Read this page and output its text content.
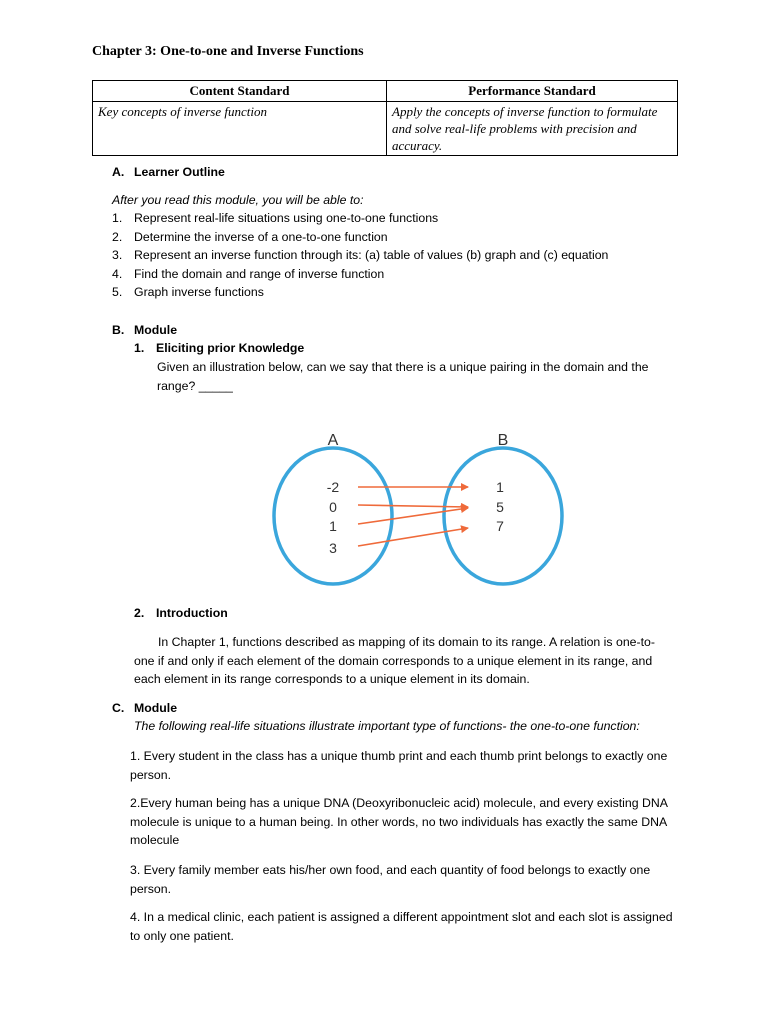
Chapter 3: One-to-one and Inverse Functions
Content Standard	Performance Standard
Key concepts of inverse function	Apply the concepts of inverse function to formulate and solve real-life problems with precision and accuracy.
A. Learner Outline
After you read this module, you will be able to:
1. Represent real-life situations using one-to-one functions
2. Determine the inverse of a one-to-one function
3. Represent an inverse function through its: (a) table of values (b) graph and (c) equation
4. Find the domain and range of inverse function
5. Graph inverse functions
B. Module
1. Eliciting prior Knowledge
Given an illustration below, can we say that there is a unique pairing in the domain and the range? _____
A	B
-2
0
1
3
1
5
7
2. Introduction
In Chapter 1, functions described as mapping of its domain to its range. A relation is one-to-one if and only if each element of the domain corresponds to a unique element in its range, and each element in its range corresponds to a unique element in its domain.
C. Module
The following real-life situations illustrate important type of functions- the one-to-one function:
1. Every student in the class has a unique thumb print and each thumb print belongs to exactly one person.
2.Every human being has a unique DNA (Deoxyribonucleic acid) molecule, and every existing DNA molecule is unique to a human being. In other words, no two individuals has exactly the same DNA molecule
3. Every family member eats his/her own food, and each quantity of food belongs to exactly one person.
4. In a medical clinic, each patient is assigned a different appointment slot and each slot is assigned to only one patient.
